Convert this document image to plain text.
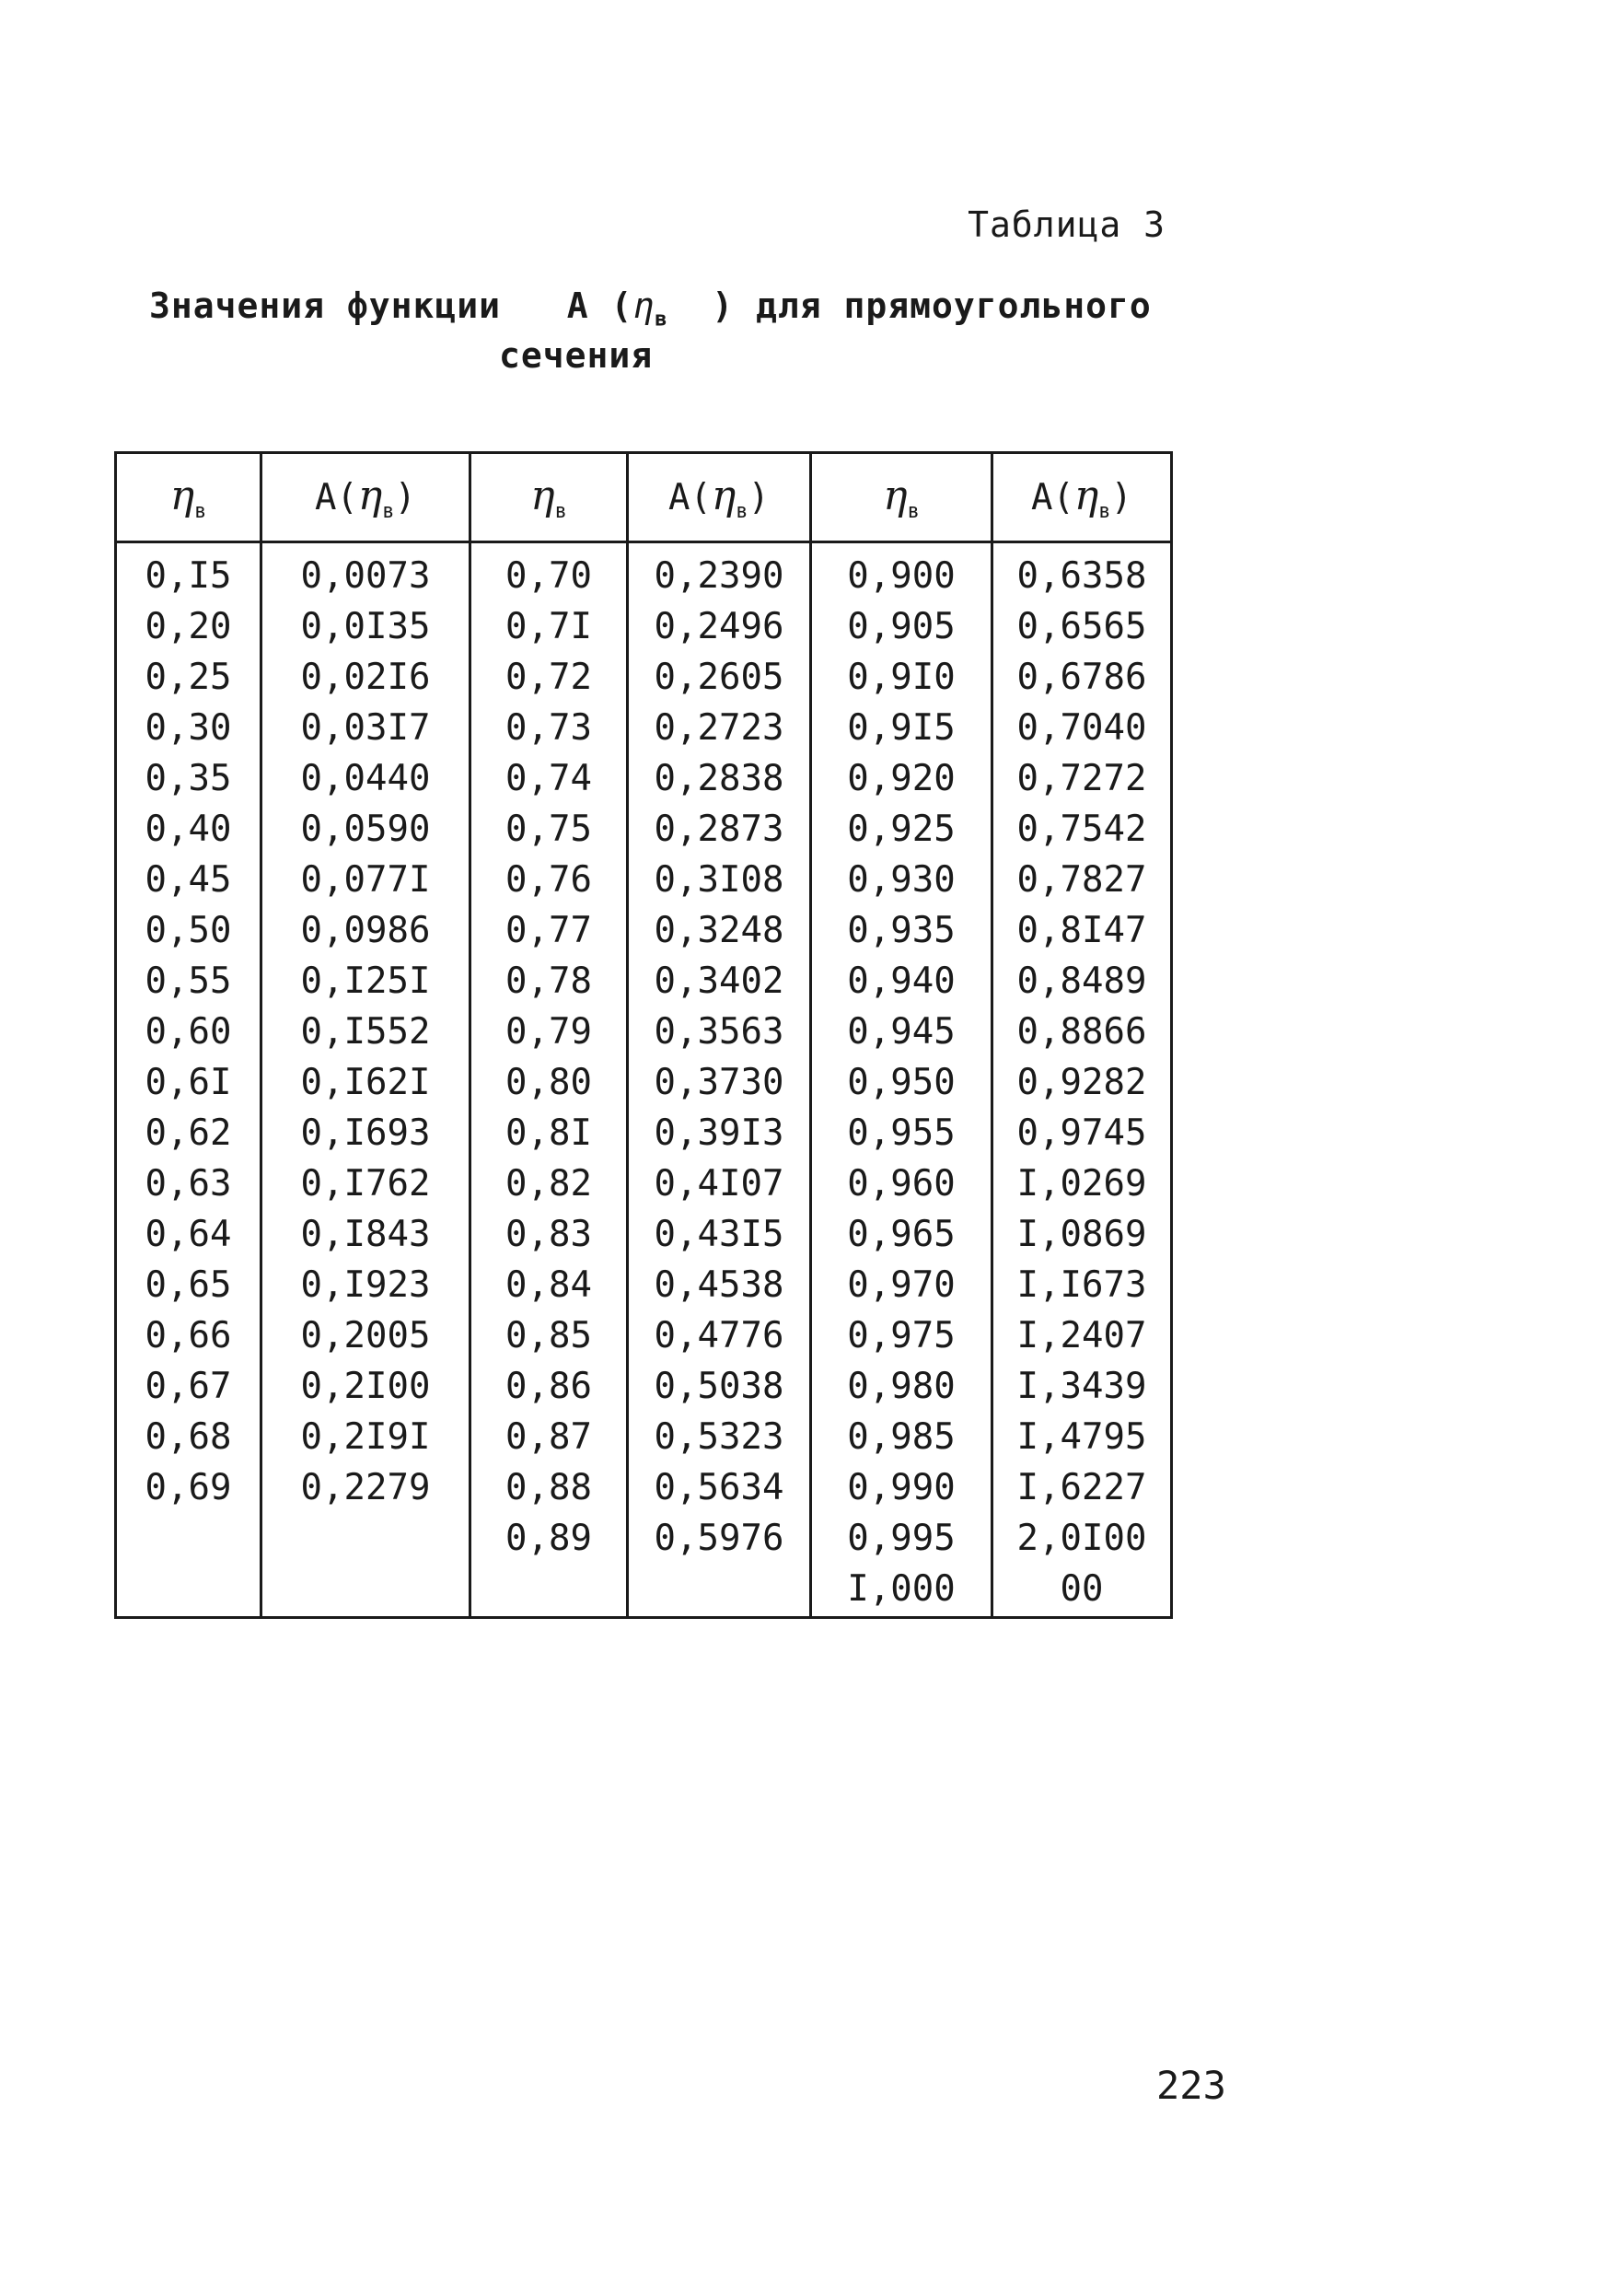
Таблица 3
Значения функции A ($\eta_в$  ) для прямоугольного
сечения
$\eta_в$	$A(\eta_в)$	$\eta_в$	$A(\eta_в)$	$\eta_в$	$A(\eta_в)$
0,I5	0,0073	0,70	0,2390	0,900	0,6358
0,20	0,0I35	0,7I	0,2496	0,905	0,6565
0,25	0,02I6	0,72	0,2605	0,9I0	0,6786
0,30	0,03I7	0,73	0,2723	0,9I5	0,7040
0,35	0,0440	0,74	0,2838	0,920	0,7272
0,40	0,0590	0,75	0,2873	0,925	0,7542
0,45	0,077I	0,76	0,3I08	0,930	0,7827
0,50	0,0986	0,77	0,3248	0,935	0,8I47
0,55	0,I25I	0,78	0,3402	0,940	0,8489
0,60	0,I552	0,79	0,3563	0,945	0,8866
0,6I	0,I62I	0,80	0,3730	0,950	0,9282
0,62	0,I693	0,8I	0,39I3	0,955	0,9745
0,63	0,I762	0,82	0,4I07	0,960	I,0269
0,64	0,I843	0,83	0,43I5	0,965	I,0869
0,65	0,I923	0,84	0,4538	0,970	I,I673
0,66	0,2005	0,85	0,4776	0,975	I,2407
0,67	0,2I00	0,86	0,5038	0,980	I,3439
0,68	0,2I9I	0,87	0,5323	0,985	I,4795
0,69	0,2279	0,88	0,5634	0,990	I,6227
		0,89	0,5976	0,995	2,0I00
				I,000	00
223
